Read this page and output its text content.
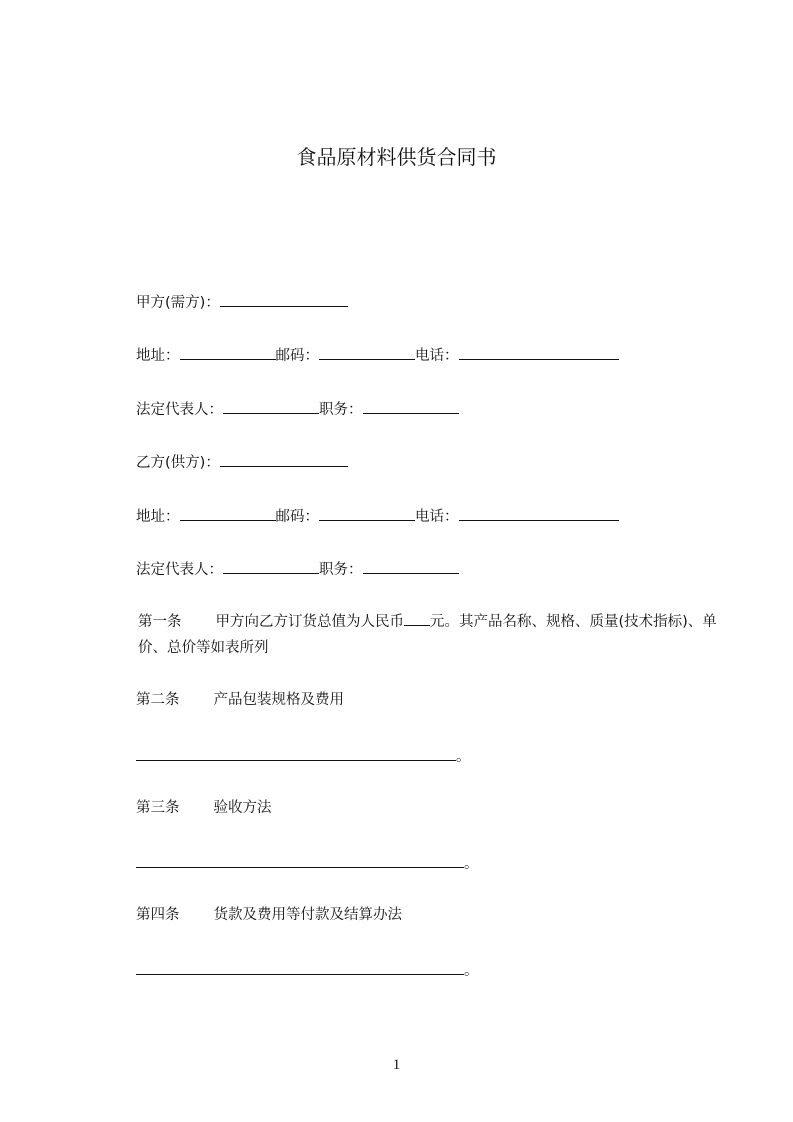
食品原材料供货合同书
甲方(需方)：
地址：	邮码：	电话：
法定代表人：	职务：
乙方(供方)：
地址：	邮码：	电话：
法定代表人：	职务：
第一条 甲方向乙方订货总值为人民币 元。其产品名称、规格、质量(技术指标)、单价、总价等如表所列
第二条 产品包装规格及费用
。
第三条 验收方法
。
第四条 货款及费用等付款及结算办法
。
1
